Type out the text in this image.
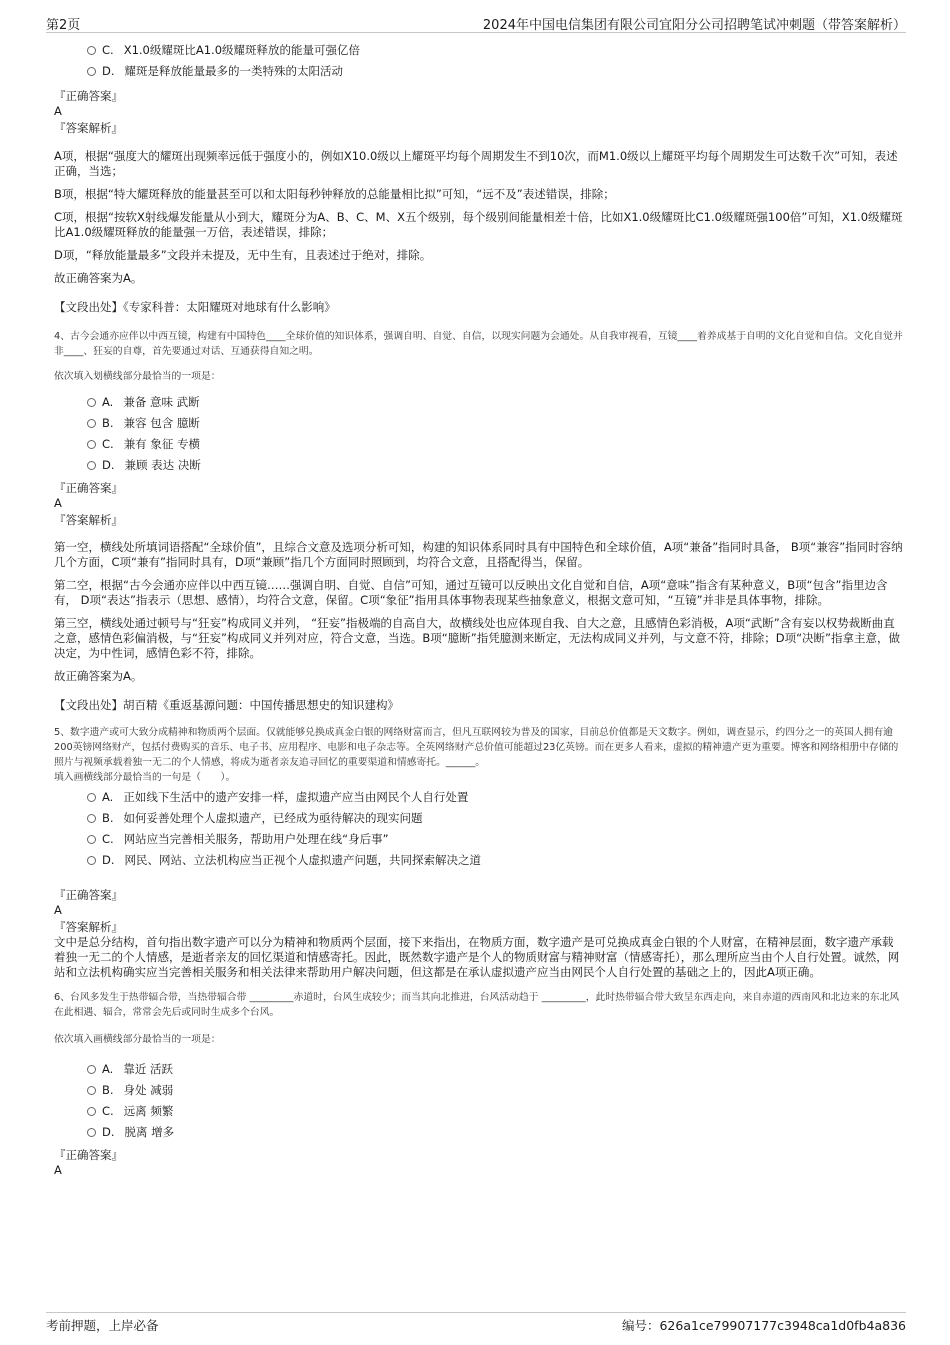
第2页	2024年中国电信集团有限公司宜阳分公司招聘笔试冲刺题（带答案解析）
C. X1.0级耀斑比A1.0级耀斑释放的能量可强亿倍
D. 耀斑是释放能量最多的一类特殊的太阳活动

『正确答案』

A

『答案解析』

A项，根据“强度大的耀斑出现频率远低于强度小的，例如X10.0级以上耀斑平均每个周期发生不到10次，而M1.0级以上耀斑平均每个周期发生可达数千次”可知，表述正确，当选；

B项，根据“特大耀斑释放的能量甚至可以和太阳每秒钟释放的总能量相比拟”可知，“远不及”表述错误，排除；

C项，根据“按软X射线爆发能量从小到大，耀斑分为A、B、C、M、X五个级别，每个级别间能量相差十倍，比如X1.0级耀斑比C1.0级耀斑强100倍”可知，X1.0级耀斑比A1.0级耀斑释放的能量强一万倍，表述错误，排除；

D项，“释放能量最多”文段并未提及，无中生有，且表述过于绝对，排除。

故正确答案为A。

【文段出处】《专家科普：太阳耀斑对地球有什么影响》

4、古今会通亦应伴以中西互镜，构建有中国特色____全球价值的知识体系，强调自明、自觉、自信，以现实问题为会通处。从自我审视看，互镜____着养成基于自明的文化自觉和自信。文化自觉并非____、狂妄的自尊，首先要通过对话、互通获得自知之明。

依次填入划横线部分最恰当的一项是：

A. 兼备 意味 武断
B. 兼容 包含 臆断
C. 兼有 象征 专横
D. 兼顾 表达 决断

『正确答案』

A

『答案解析』

第一空，横线处所填词语搭配“全球价值”，且综合文意及选项分析可知，构建的知识体系同时具有中国特色和全球价值，A项“兼备”指同时具备， B项“兼容”指同时容纳几个方面，C项“兼有”指同时具有，D项“兼顾”指几个方面同时照顾到，均符合文意，且搭配得当，保留。

第二空，根据“古今会通亦应伴以中西互镜……强调自明、自觉、自信”可知，通过互镜可以反映出文化自觉和自信，A项“意味”指含有某种意义，B项“包含”指里边含有， D项“表达”指表示（思想、感情），均符合文意，保留。C项“象征”指用具体事物表现某些抽象意义，根据文意可知，“互镜”并非是具体事物，排除。

第三空，横线处通过顿号与“狂妄”构成同义并列， “狂妄”指极端的自高自大，故横线处也应体现自我、自大之意，且感情色彩消极，A项“武断”含有妄以权势裁断曲直之意，感情色彩偏消极，与“狂妄”构成同义并列对应，符合文意，当选。B项“臆断”指凭臆测来断定，无法构成同义并列，与文意不符，排除；D项“决断”指拿主意，做决定，为中性词，感情色彩不符，排除。

故正确答案为A。

【文段出处】胡百精《重返基源问题：中国传播思想史的知识建构》

5、数字遗产或可大致分成精神和物质两个层面。仅就能够兑换成真金白银的网络财富而言，但凡互联网较为普及的国家，目前总价值都是天文数字。例如，调查显示，约四分之一的英国人拥有逾200英镑网络财产，包括付费购买的音乐、电子书、应用程序、电影和电子杂志等。全英网络财产总价值可能超过23亿英镑。而在更多人看来，虚拟的精神遗产更为重要。博客和网络相册中存储的照片与视频承载着独一无二的个人情感，将成为逝者亲友追寻回忆的重要渠道和情感寄托。______。

填入画横线部分最恰当的一句是（　　）。

A. 正如线下生活中的遗产安排一样，虚拟遗产应当由网民个人自行处置
B. 如何妥善处理个人虚拟遗产，已经成为亟待解决的现实问题
C. 网站应当完善相关服务，帮助用户处理在线“身后事”
D. 网民、网站、立法机构应当正视个人虚拟遗产问题，共同探索解决之道

『正确答案』

A

『答案解析』

文中是总分结构，首句指出数字遗产可以分为精神和物质两个层面，接下来指出，在物质方面，数字遗产是可兑换成真金白银的个人财富，在精神层面，数字遗产承载着独一无二的个人情感，是逝者亲友的回忆渠道和情感寄托。因此，既然数字遗产是个人的物质财富与精神财富（情感寄托），那么理所应当由个人自行处置。诚然，网站和立法机构确实应当完善相关服务和相关法律来帮助用户解决问题，但这都是在承认虚拟遗产应当由网民个人自行处置的基础之上的，因此A项正确。

6、台风多发生于热带辐合带，当热带辐合带 _________赤道时，台风生成较少；而当其向北推进，台风活动趋于 _________，此时热带辐合带大致呈东西走向，来自赤道的西南风和北边来的东北风在此相遇、辐合，常常会先后或同时生成多个台风。

依次填入画横线部分最恰当的一项是：

A. 靠近 活跃
B. 身处 减弱
C. 远离 频繁
D. 脱离 增多

『正确答案』

A

考前押题，上岸必备	编号：626a1ce79907177c3948ca1d0fb4a836
